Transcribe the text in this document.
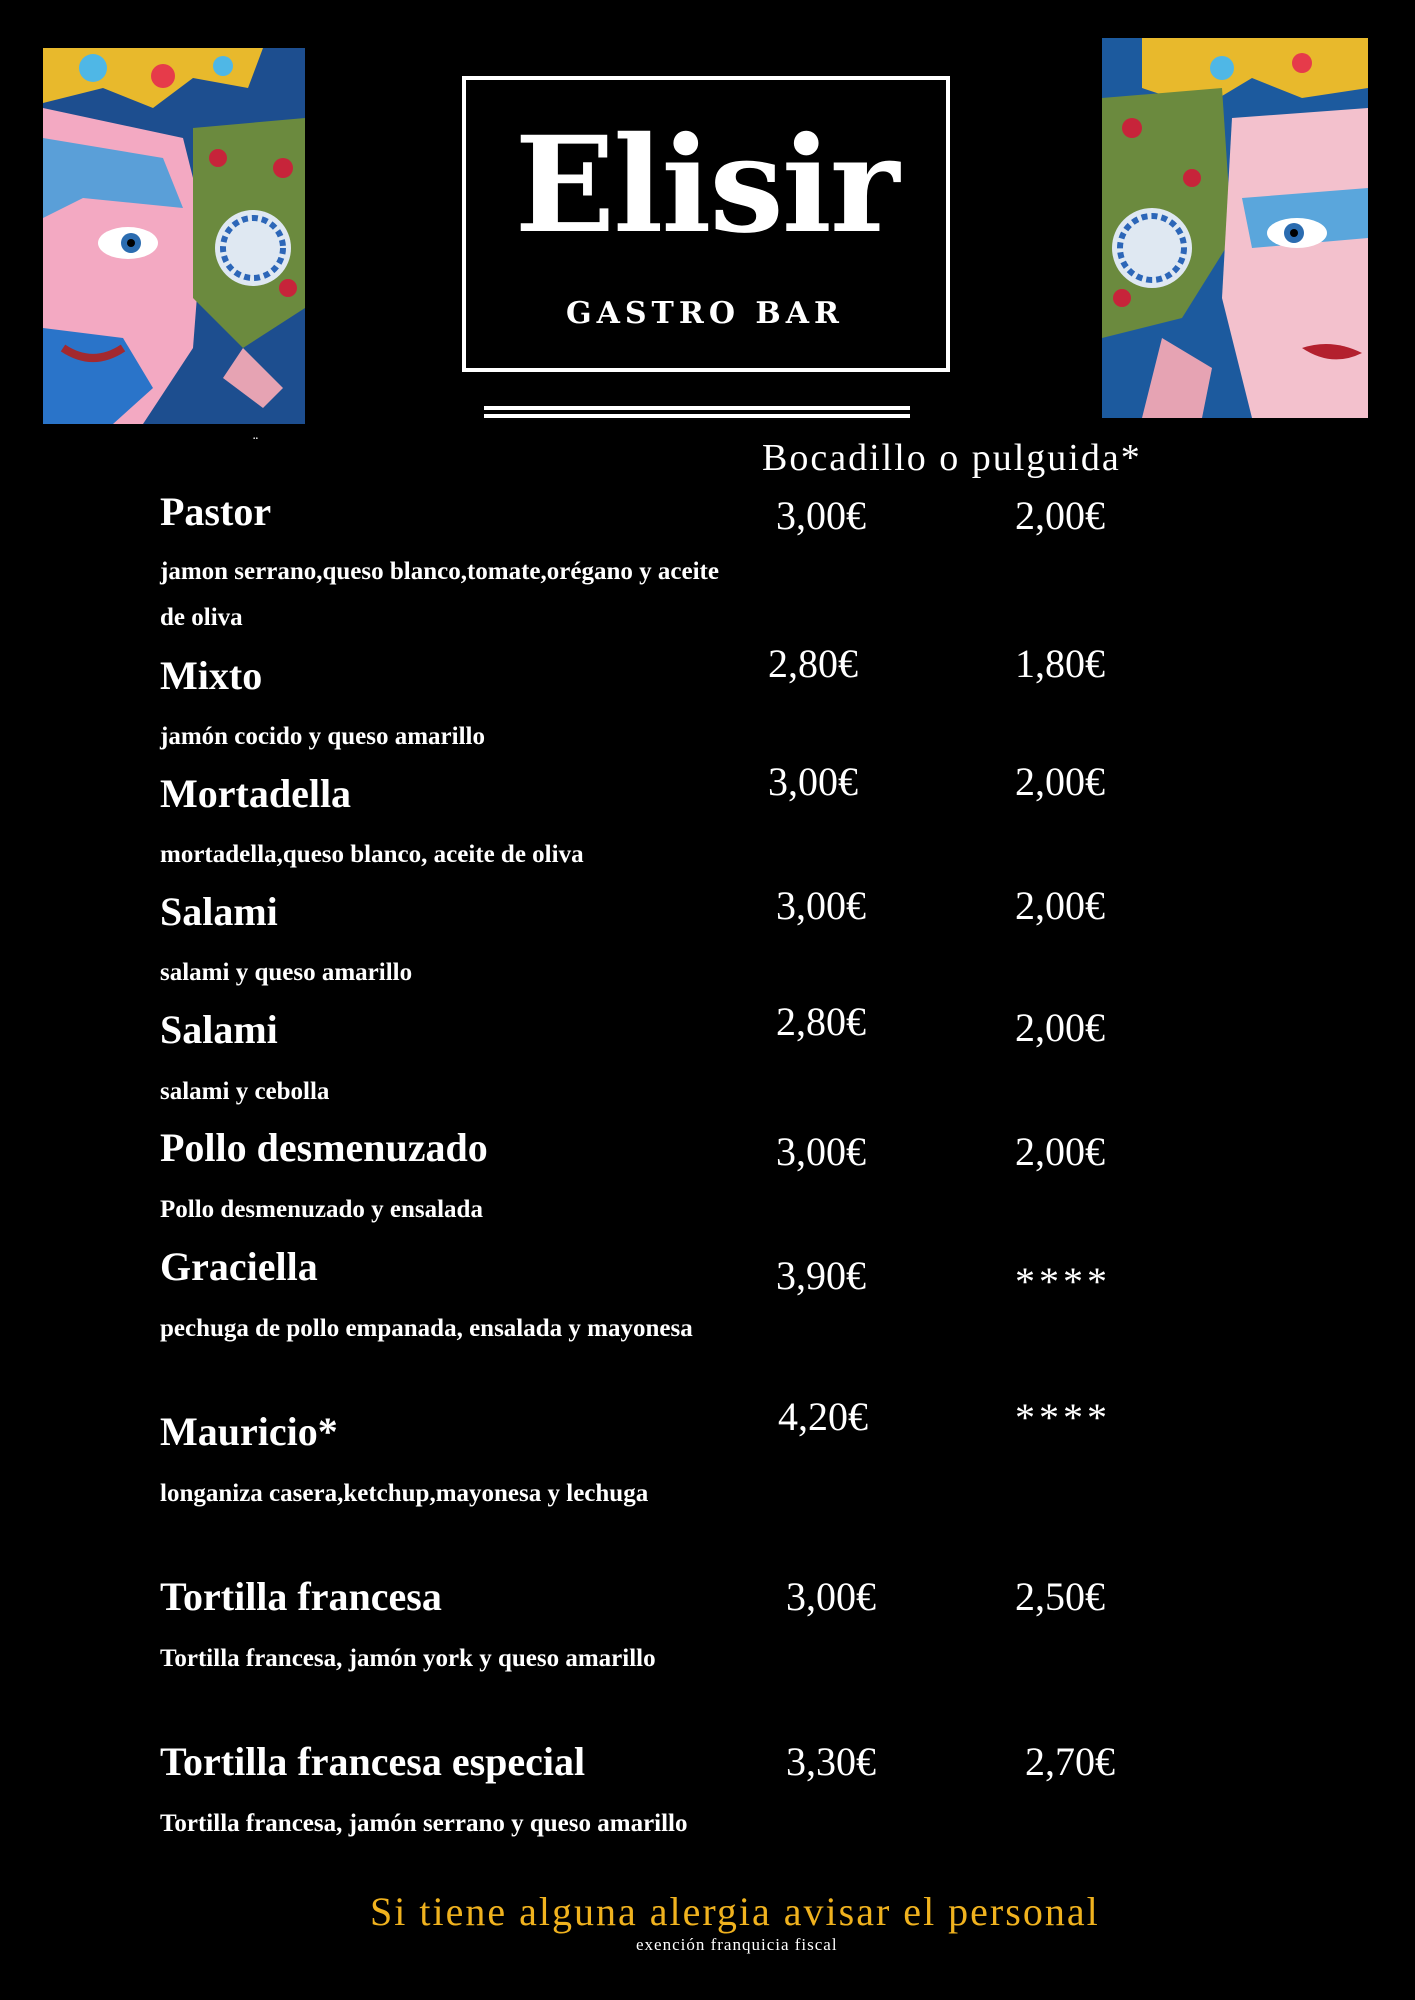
Elisir
GASTRO BAR
¨	Bocadillo o pulguida*
Pastor	3,00€	2,00€
jamon serrano,queso blanco,tomate,orégano y aceite de oliva
Mixto	2,80€	1,80€
jamón cocido y queso amarillo
Mortadella	3,00€	2,00€
mortadella,queso blanco, aceite de oliva
Salami	3,00€	2,00€
salami y queso amarillo
Salami	2,80€	2,00€
salami y cebolla
Pollo desmenuzado	3,00€	2,00€
Pollo desmenuzado y ensalada
Graciella	3,90€	****
pechuga de pollo empanada, ensalada y mayonesa
Mauricio*	4,20€	****
longaniza casera,ketchup,mayonesa y lechuga
Tortilla francesa	3,00€	2,50€
Tortilla francesa, jamón york y queso amarillo
Tortilla francesa especial	3,30€	2,70€
Tortilla francesa, jamón serrano y queso amarillo
Si tiene alguna alergia avisar el personal
exención franquicia fiscal
